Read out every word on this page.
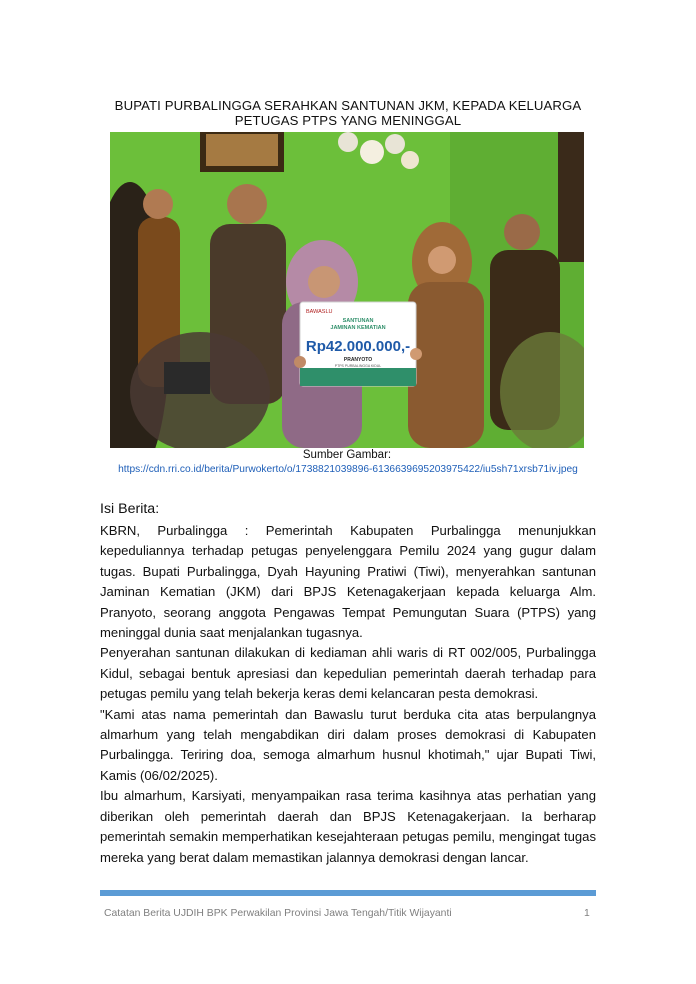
BUPATI PURBALINGGA SERAHKAN SANTUNAN JKM, KEPADA KELUARGA PETUGAS PTPS YANG MENINGGAL
BAWASLU
SANTUNAN
JAMINAN KEMATIAN
Rp42.000.000,-
PRANYOTO
PTPS PURBALINGGA KIDUL
Sumber Gambar:
https://cdn.rri.co.id/berita/Purwokerto/o/1738821039896-6136639695203975422/iu5sh71xrsb71iv.jpeg
Isi Berita:

KBRN, Purbalingga : Pemerintah Kabupaten Purbalingga menunjukkan kepeduliannya terhadap petugas penyelenggara Pemilu 2024 yang gugur dalam tugas. Bupati Purbalingga, Dyah Hayuning Pratiwi (Tiwi), menyerahkan santunan Jaminan Kematian (JKM) dari BPJS Ketenagakerjaan kepada keluarga Alm. Pranyoto, seorang anggota Pengawas Tempat Pemungutan Suara (PTPS) yang meninggal dunia saat menjalankan tugasnya.

Penyerahan santunan dilakukan di kediaman ahli waris di RT 002/005, Purbalingga Kidul, sebagai bentuk apresiasi dan kepedulian pemerintah daerah terhadap para petugas pemilu yang telah bekerja keras demi kelancaran pesta demokrasi.

"Kami atas nama pemerintah dan Bawaslu turut berduka cita atas berpulangnya almarhum yang telah mengabdikan diri dalam proses demokrasi di Kabupaten Purbalingga. Teriring doa, semoga almarhum husnul khotimah," ujar Bupati Tiwi, Kamis (06/02/2025).

Ibu almarhum, Karsiyati, menyampaikan rasa terima kasihnya atas perhatian yang diberikan oleh pemerintah daerah dan BPJS Ketenagakerjaan. Ia berharap pemerintah semakin memperhatikan kesejahteraan petugas pemilu, mengingat tugas mereka yang berat dalam memastikan jalannya demokrasi dengan lancar.

Catatan Berita UJDIH BPK Perwakilan Provinsi Jawa Tengah/Titik Wijayanti	1
